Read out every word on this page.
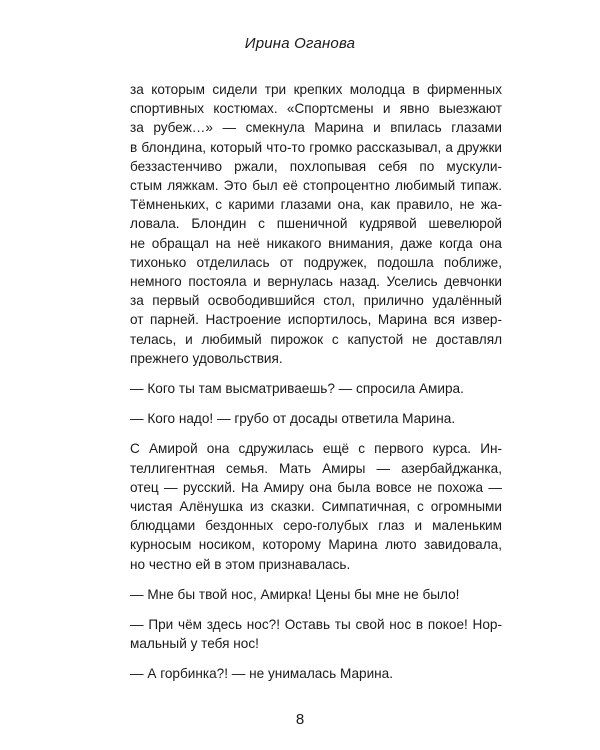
Ирина Оганова
за которым сидели три крепких молодца в фирменных
спортивных костюмах. «Спортсмены и явно выезжают
за рубеж…» — смекнула Марина и впилась глазами
в блондина, который что-то громко рассказывал, а дружки
беззастенчиво ржали, похлопывая себя по мускули-
стым ляжкам. Это был её стопроцентно любимый типаж.
Тёмненьких, с карими глазами она, как правило, не жа-
ловала. Блондин с пшеничной кудрявой шевелюрой
не обращал на неё никакого внимания, даже когда она
тихонько отделилась от подружек, подошла поближе,
немного постояла и вернулась назад. Уселись девчонки
за первый освободившийся стол, прилично удалённый
от парней. Настроение испортилось, Марина вся извер-
телась, и любимый пирожок с капустой не доставлял
прежнего удовольствия.
— Кого ты там высматриваешь? — спросила Амира.
— Кого надо! — грубо от досады ответила Марина.
С Амирой она сдружилась ещё с первого курса. Ин-
теллигентная семья. Мать Амиры — азербайджанка,
отец — русский. На Амиру она была вовсе не похожа —
чистая Алёнушка из сказки. Симпатичная, с огромными
блюдцами бездонных серо-голубых глаз и маленьким
курносым носиком, которому Марина люто завидовала,
но честно ей в этом признавалась.
— Мне бы твой нос, Амирка! Цены бы мне не было!
— При чём здесь нос?! Оставь ты свой нос в покое! Нор-
мальный у тебя нос!
— А горбинка?! — не унималась Марина.
8
